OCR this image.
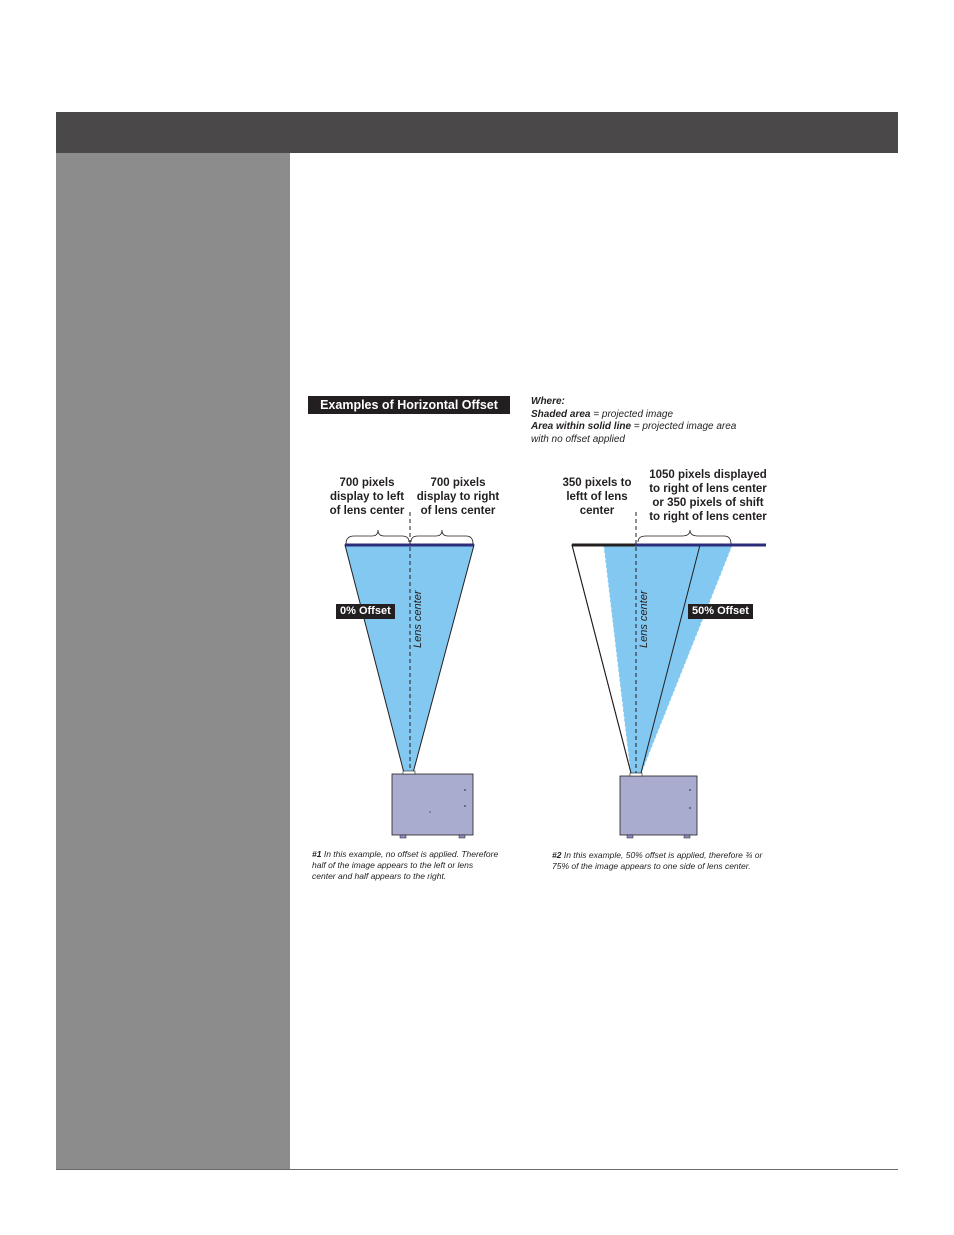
Examples of Horizontal Offset	Where:
Shaded area = projected image
Area within solid line = projected image area
with no offset applied
700 pixels
display to left
of lens center
700 pixels
display to right
of lens center
0% Offset	Lens center
#1 In this example, no offset is applied. Therefore
half of the image appears to the left or lens
center and half appears to the right.
350 pixels to
leftt of lens
center
1050 pixels displayed
to right of lens center
or 350 pixels of shift
to right of lens center
50% Offset
Lens center
#2 In this example, 50% offset is applied, therefore ¾ or
75% of the image appears to one side of lens center.
